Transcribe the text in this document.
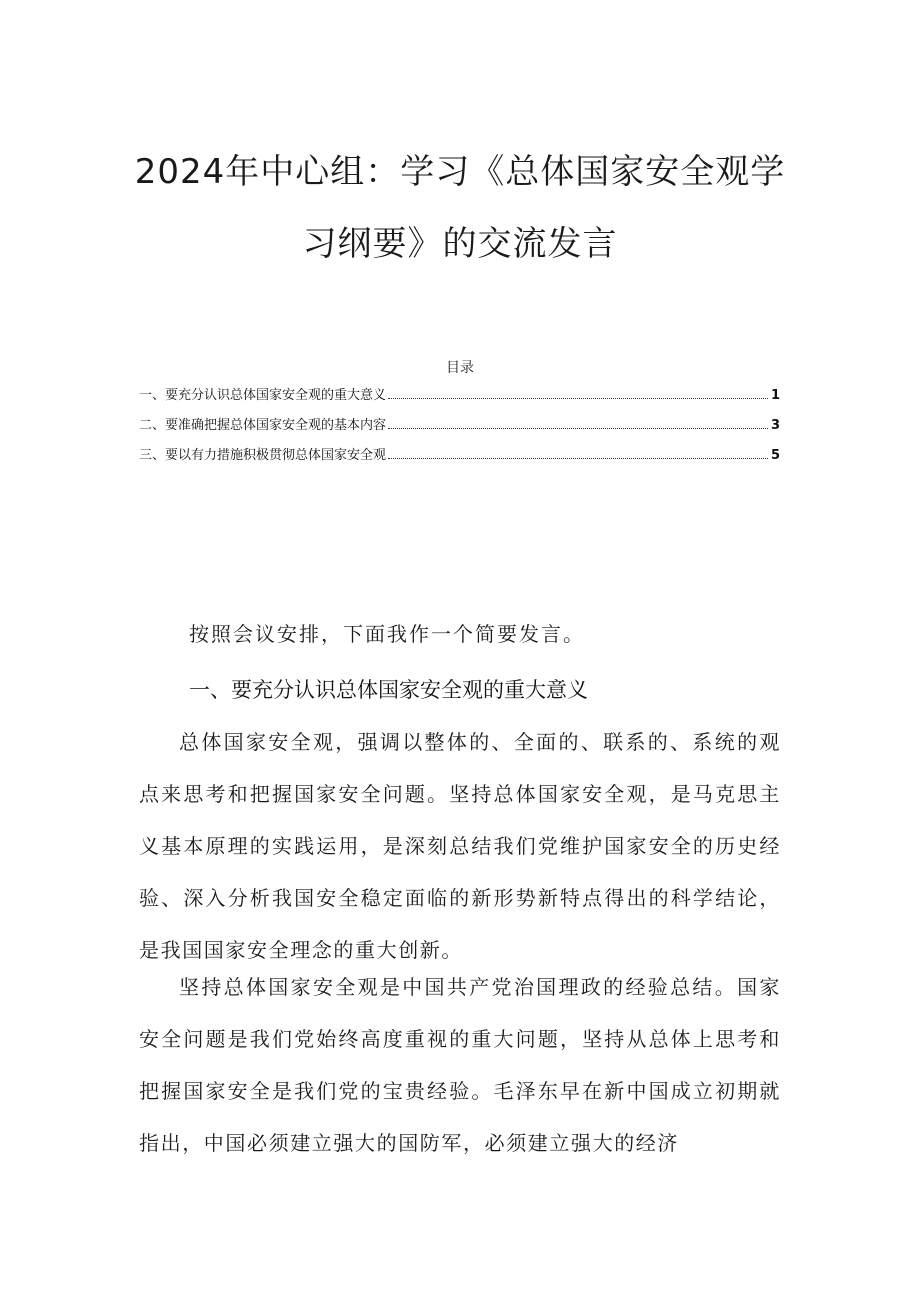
2024年中心组：学习《总体国家安全观学
习纲要》的交流发言
目录
一、要充分认识总体国家安全观的重大意义	1
二、要准确把握总体国家安全观的基本内容	3
三、要以有力措施积极贯彻总体国家安全观	5
按照会议安排，下面我作一个简要发言。
一、要充分认识总体国家安全观的重大意义

总体国家安全观，强调以整体的、全面的、联系的、系统的观点来思考和把握国家安全问题。坚持总体国家安全观，是马克思主义基本原理的实践运用，是深刻总结我们党维护国家安全的历史经验、深入分析我国安全稳定面临的新形势新特点得出的科学结论，是我国国家安全理念的重大创新。

坚持总体国家安全观是中国共产党治国理政的经验总结。国家安全问题是我们党始终高度重视的重大问题，坚持从总体上思考和把握国家安全是我们党的宝贵经验。毛泽东早在新中国成立初期就指出，中国必须建立强大的国防军，必须建立强大的经济
